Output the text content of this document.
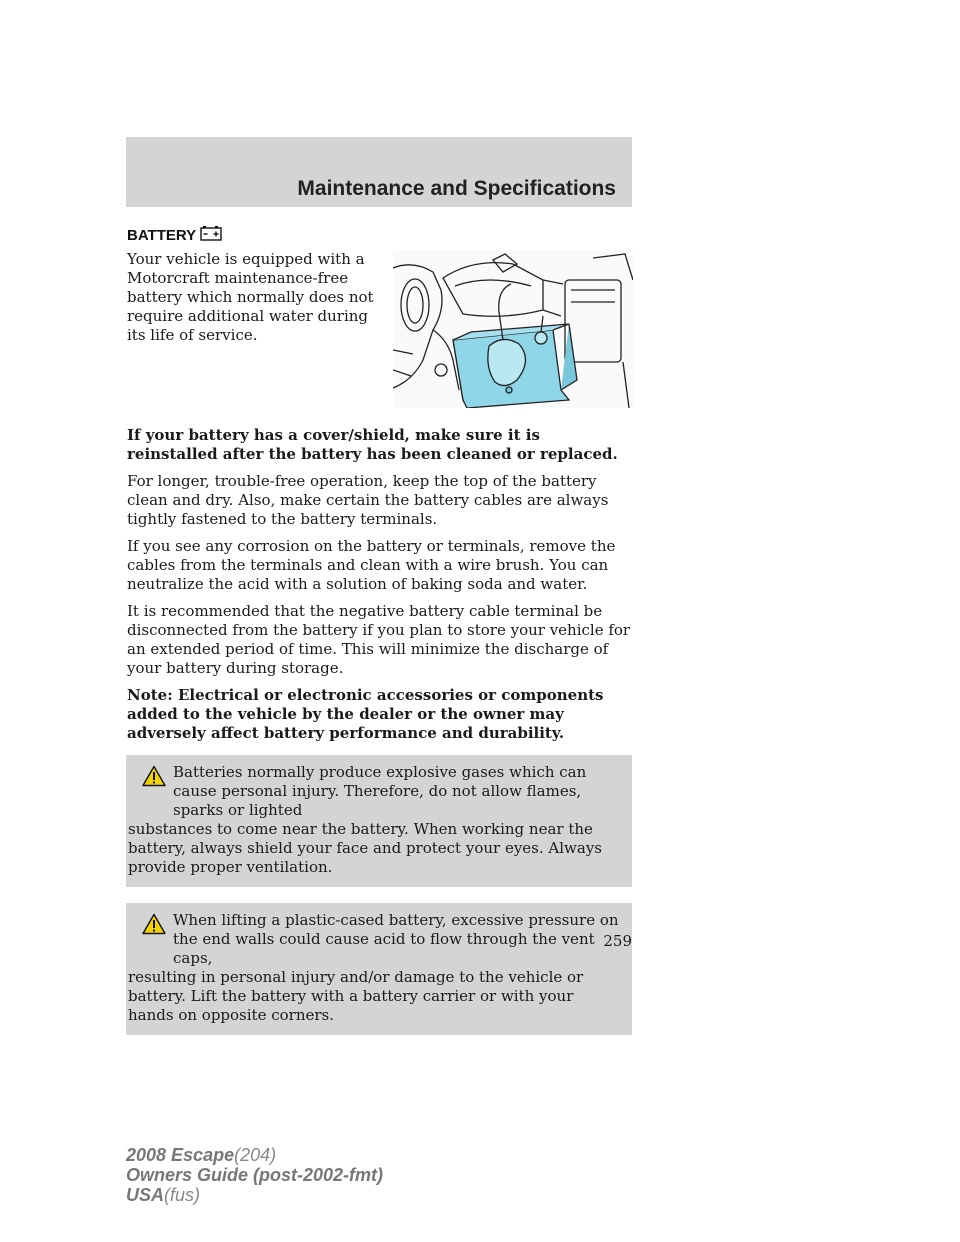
Maintenance and Specifications
BATTERY
Your vehicle is equipped with a Motorcraft maintenance-free battery which normally does not require additional water during its life of service.

If your battery has a cover/shield, make sure it is reinstalled after the battery has been cleaned or replaced.

For longer, trouble-free operation, keep the top of the battery clean and dry. Also, make certain the battery cables are always tightly fastened to the battery terminals.

If you see any corrosion on the battery or terminals, remove the cables from the terminals and clean with a wire brush. You can neutralize the acid with a solution of baking soda and water.

It is recommended that the negative battery cable terminal be disconnected from the battery if you plan to store your vehicle for an extended period of time. This will minimize the discharge of your battery during storage.

Note: Electrical or electronic accessories or components added to the vehicle by the dealer or the owner may adversely affect battery performance and durability.

Batteries normally produce explosive gases which can cause personal injury. Therefore, do not allow flames, sparks or lighted
substances to come near the battery. When working near the battery, always shield your face and protect your eyes. Always provide proper ventilation.
When lifting a plastic-cased battery, excessive pressure on the end walls could cause acid to flow through the vent caps,
resulting in personal injury and/or damage to the vehicle or battery. Lift the battery with a battery carrier or with your hands on opposite corners.
259
2008 Escape(204)
Owners Guide (post-2002-fmt)
USA(fus)
